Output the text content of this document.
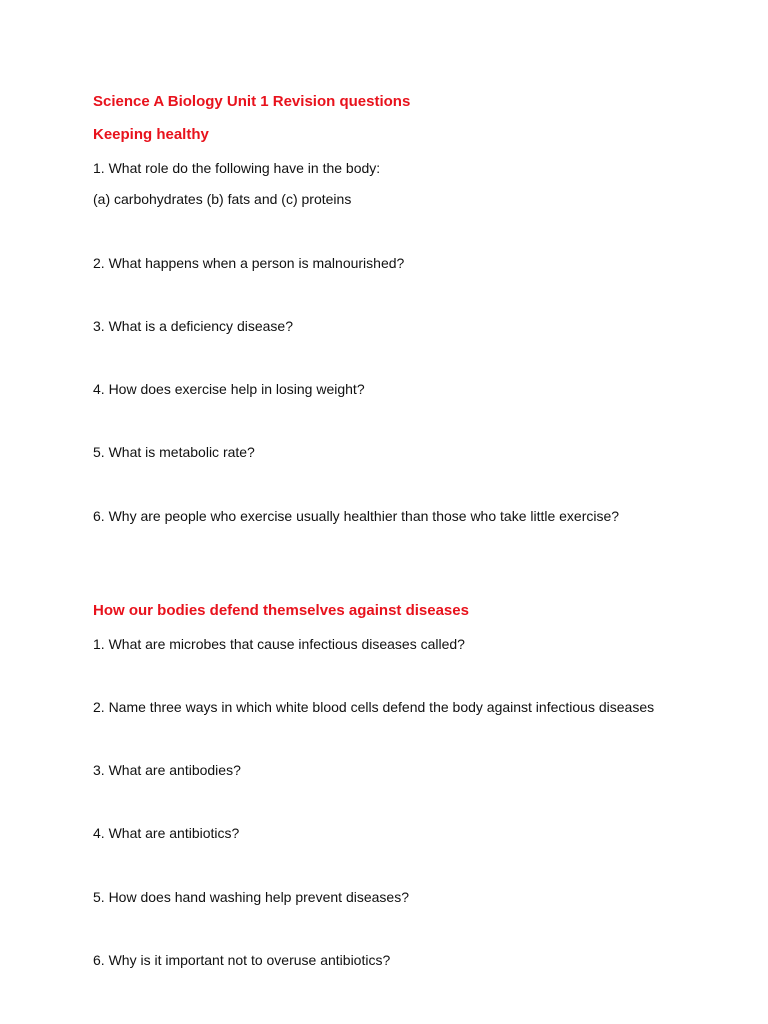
Science A Biology Unit 1 Revision questions
Keeping healthy
1. What role do the following have in the body:
(a) carbohydrates (b) fats and (c) proteins
2. What happens when a person is malnourished?
3. What is a deficiency disease?
4. How does exercise help in losing weight?
5. What is metabolic rate?
6. Why are people who exercise usually healthier than those who take little exercise?
How our bodies defend themselves against diseases
1. What are microbes that cause infectious diseases called?
2. Name three ways in which white blood cells defend the body against infectious diseases
3. What are antibodies?
4. What are antibiotics?
5. How does hand washing help prevent diseases?
6. Why is it important not to overuse antibiotics?
